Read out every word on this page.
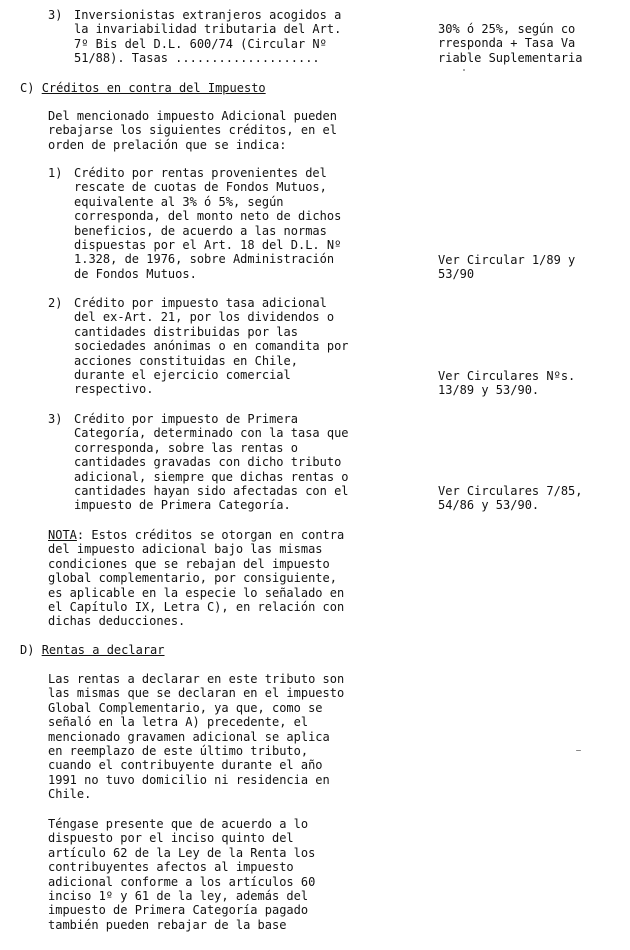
3) Inversionistas extranjeros acogidos a
la invariabilidad tributaria del Art.
7º Bis del D.L. 600/74 (Circular Nº
51/88). Tasas ....................
30% ó 25%, según co
rresponda + Tasa Va
riable Suplementaria
C) Créditos en contra del Impuesto
Del mencionado impuesto Adicional pueden
rebajarse los siguientes créditos, en el
orden de prelación que se indica:
1) Crédito por rentas provenientes del
rescate de cuotas de Fondos Mutuos,
equivalente al 3% ó 5%, según
corresponda, del monto neto de dichos
beneficios, de acuerdo a las normas
dispuestas por el Art. 18 del D.L. Nº
1.328, de 1976, sobre Administración
de Fondos Mutuos.
Ver Circular 1/89 y
53/90
2) Crédito por impuesto tasa adicional
del ex-Art. 21, por los dividendos o
cantidades distribuidas por las
sociedades anónimas o en comandita por
acciones constituidas en Chile,
durante el ejercicio comercial
respectivo.
Ver Circulares Nºs.
13/89 y 53/90.
3) Crédito por impuesto de Primera
Categoría, determinado con la tasa que
corresponda, sobre las rentas o
cantidades gravadas con dicho tributo
adicional, siempre que dichas rentas o
cantidades hayan sido afectadas con el
impuesto de Primera Categoría.
Ver Circulares 7/85,
54/86 y 53/90.
NOTA: Estos créditos se otorgan en contra
del impuesto adicional bajo las mismas
condiciones que se rebajan del impuesto
global complementario, por consiguiente,
es aplicable en la especie lo señalado en
el Capítulo IX, Letra C), en relación con
dichas deducciones.
D) Rentas a declarar
Las rentas a declarar en este tributo son
las mismas que se declaran en el impuesto
Global Complementario, ya que, como se
señaló en la letra A) precedente, el
mencionado gravamen adicional se aplica
en reemplazo de este último tributo,
cuando el contribuyente durante el año
1991 no tuvo domicilio ni residencia en
Chile.
Téngase presente que de acuerdo a lo
dispuesto por el inciso quinto del
artículo 62 de la Ley de la Renta los
contribuyentes afectos al impuesto
adicional conforme a los artículos 60
inciso 1º y 61 de la ley, además del
impuesto de Primera Categoría pagado
también pueden rebajar de la base
